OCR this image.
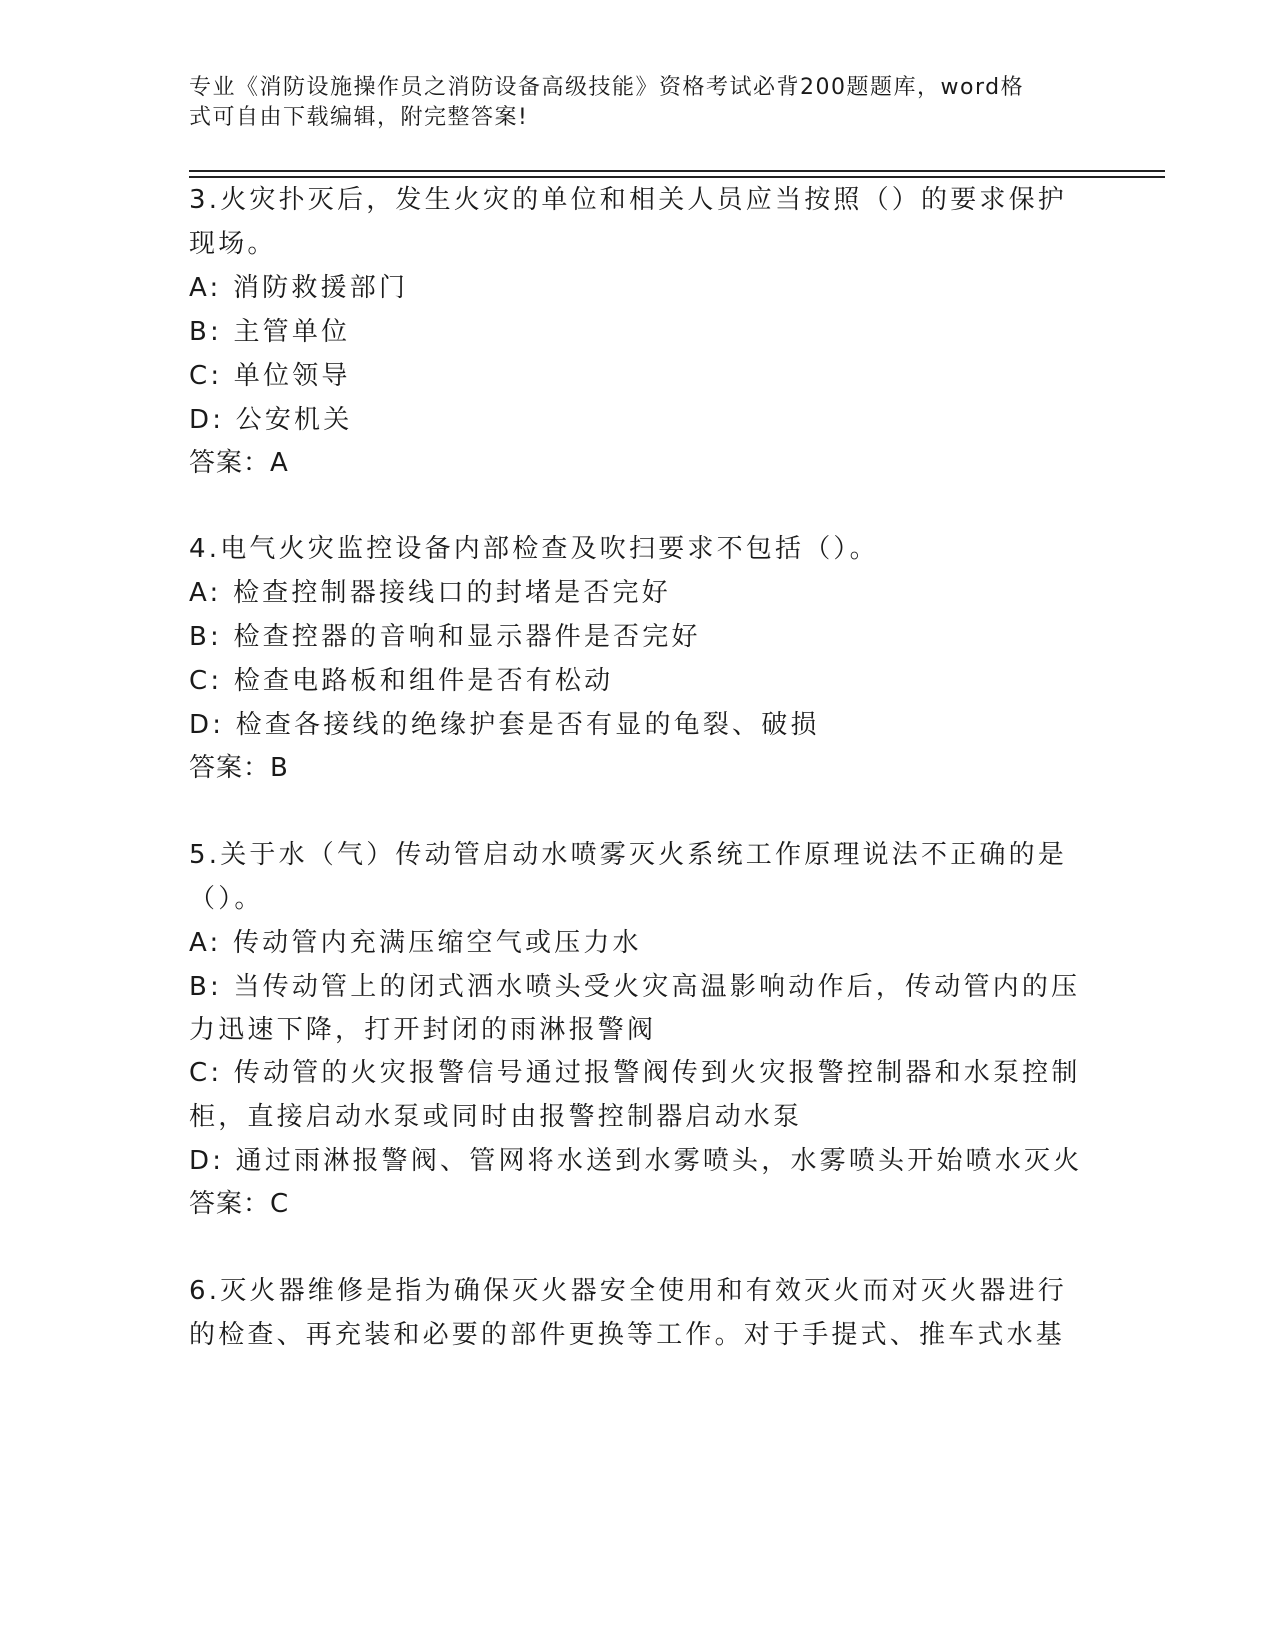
专业《消防设施操作员之消防设备高级技能》资格考试必背200题题库，word格

式可自由下载编辑，附完整答案!

3.火灾扑灭后，发生火灾的单位和相关人员应当按照（）的要求保护

现场。

A: 消防救援部门

B: 主管单位

C: 单位领导

D: 公安机关

答案：A

4.电气火灾监控设备内部检查及吹扫要求不包括（）。

A: 检查控制器接线口的封堵是否完好

B: 检查控器的音响和显示器件是否完好

C: 检查电路板和组件是否有松动

D: 检查各接线的绝缘护套是否有显的龟裂、破损

答案：B

5.关于水（气）传动管启动水喷雾灭火系统工作原理说法不正确的是

（）。

A: 传动管内充满压缩空气或压力水

B: 当传动管上的闭式洒水喷头受火灾高温影响动作后，传动管内的压

力迅速下降，打开封闭的雨淋报警阀

C: 传动管的火灾报警信号通过报警阀传到火灾报警控制器和水泵控制

柜，直接启动水泵或同时由报警控制器启动水泵

D: 通过雨淋报警阀、管网将水送到水雾喷头，水雾喷头开始喷水灭火

答案：C

6.灭火器维修是指为确保灭火器安全使用和有效灭火而对灭火器进行

的检查、再充装和必要的部件更换等工作。对于手提式、推车式水基
